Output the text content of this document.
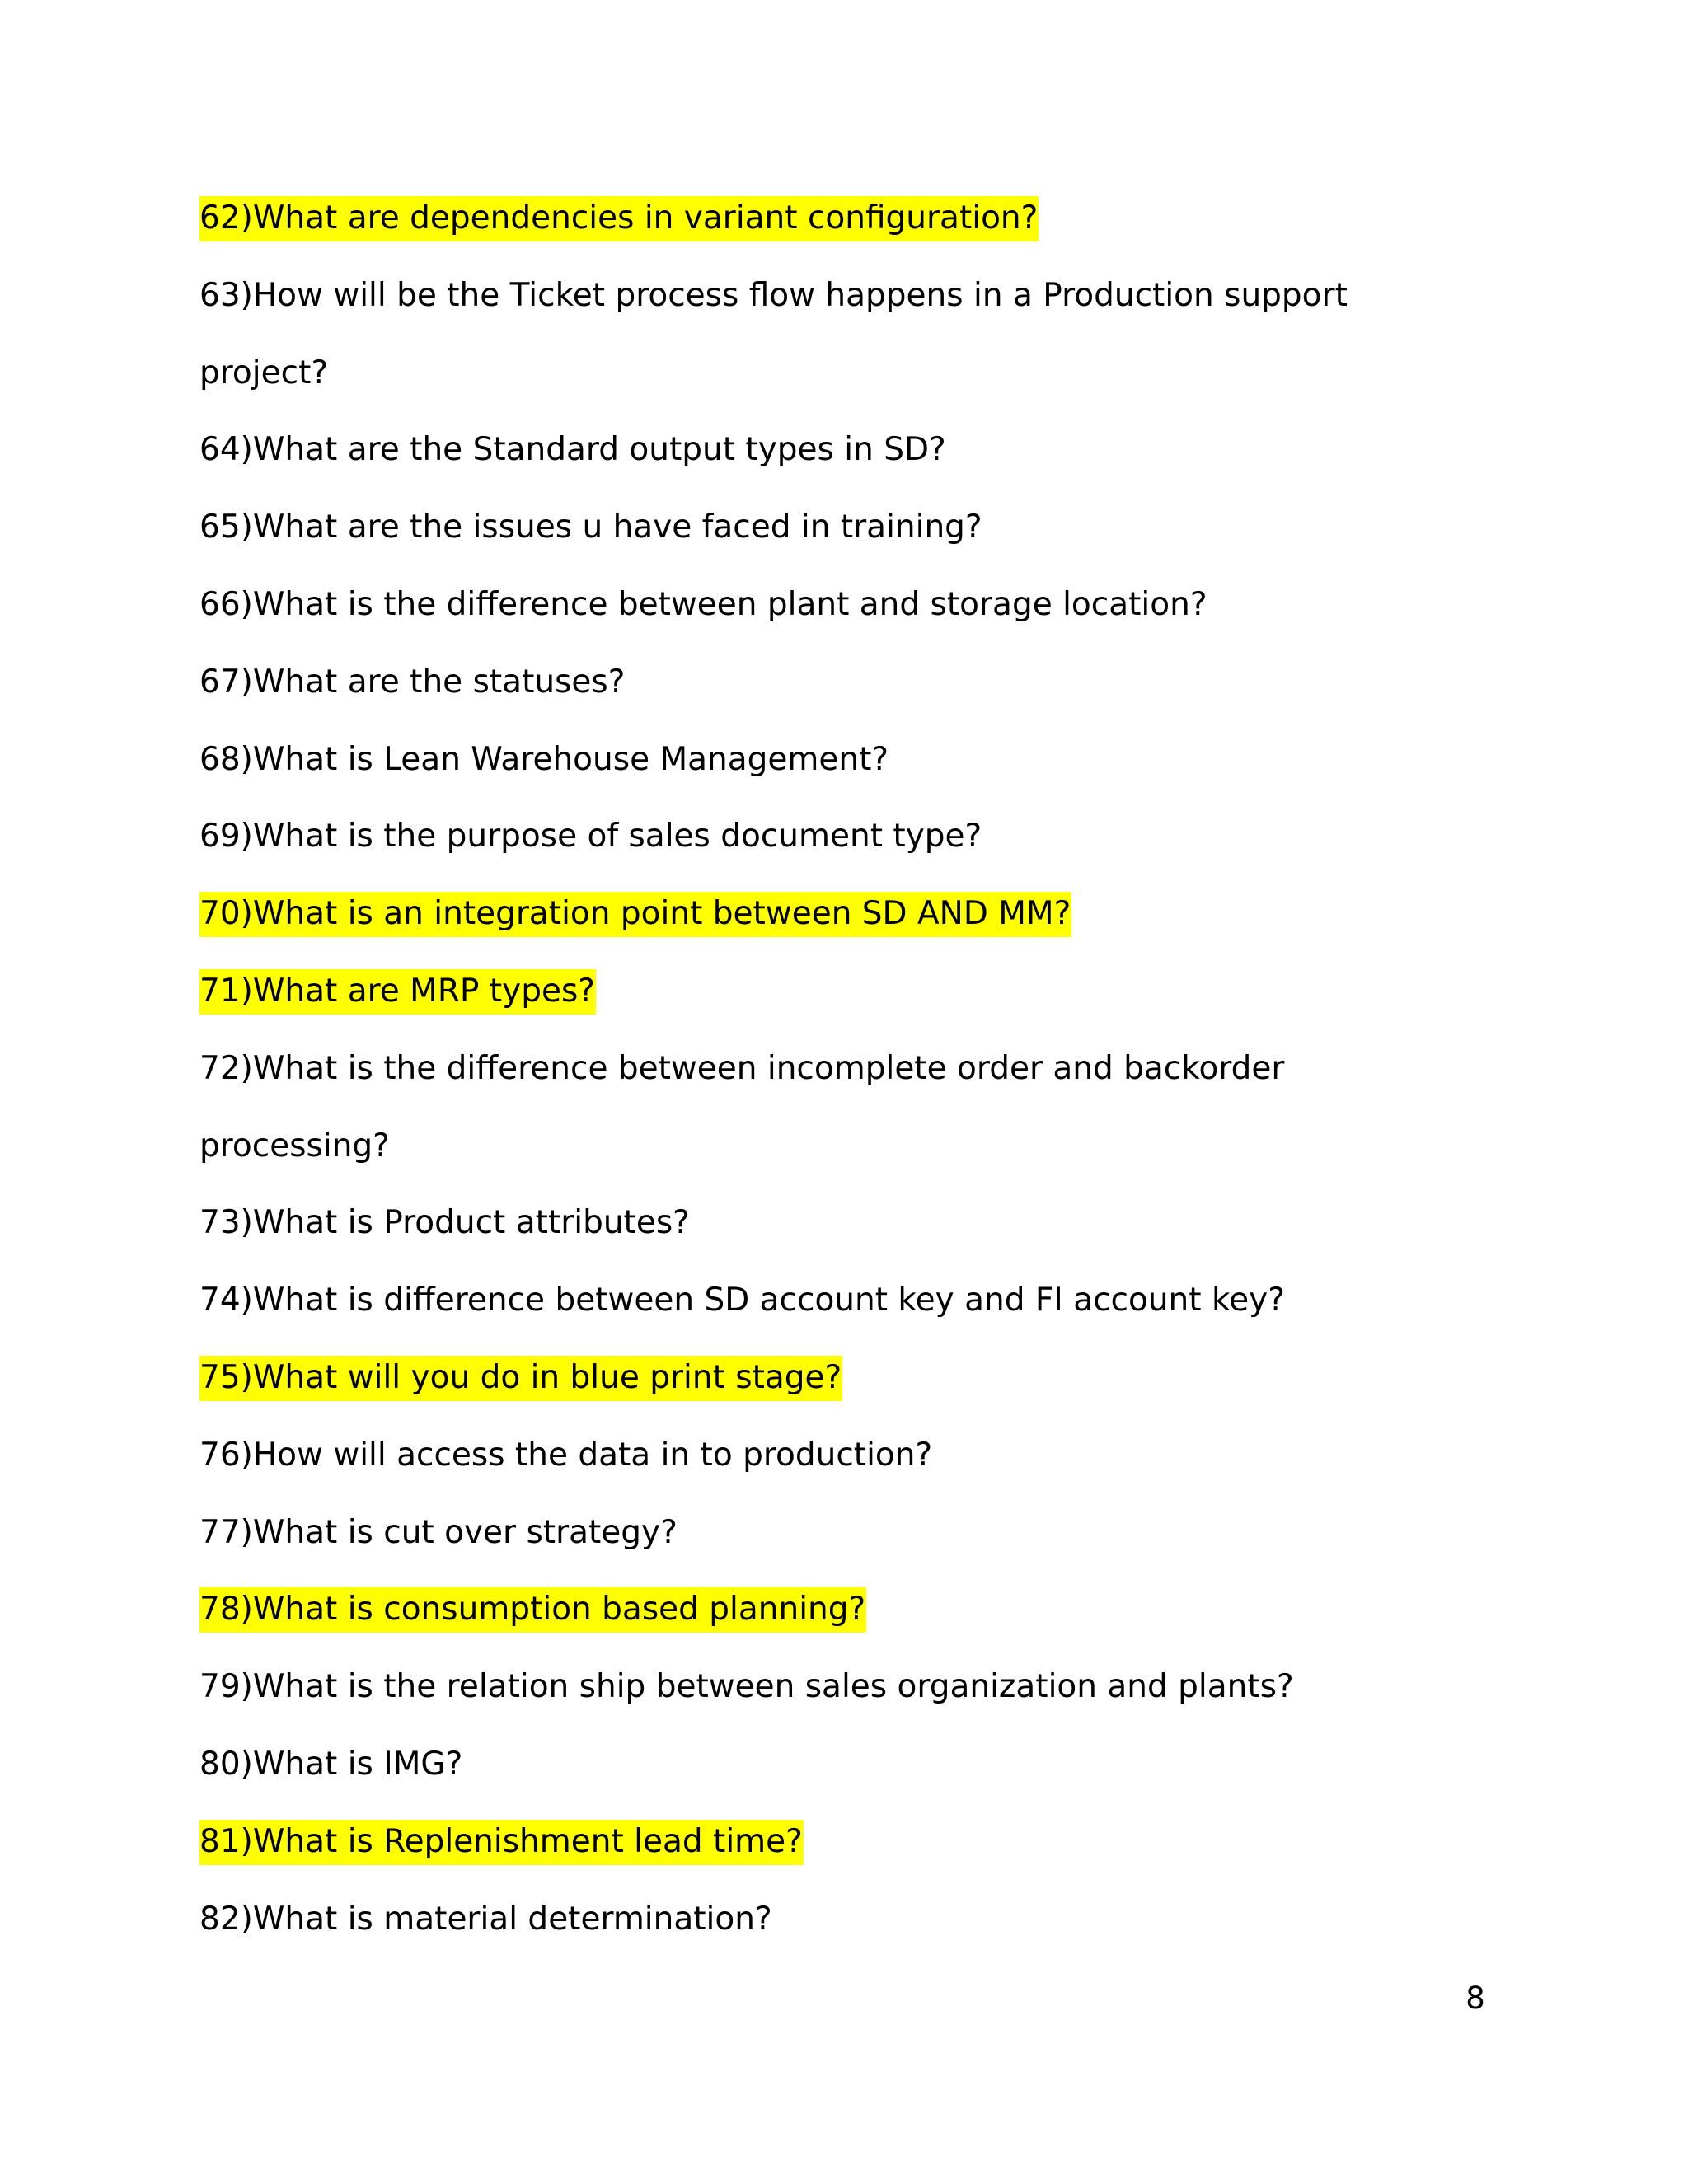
62)What are dependencies in variant configuration?
63)How will be the Ticket process flow happens in a Production support
project?
64)What are the Standard output types in SD?
65)What are the issues u have faced in training?
66)What is the difference between plant and storage location?
67)What are the statuses?
68)What is Lean Warehouse Management?
69)What is the purpose of sales document type?
70)What is an integration point between SD AND MM?
71)What are MRP types?
72)What is the difference between incomplete order and backorder
processing?
73)What is Product attributes?
74)What is difference between SD account key and FI account key?
75)What will you do in blue print stage?
76)How will access the data in to production?
77)What is cut over strategy?
78)What is consumption based planning?
79)What is the relation ship between sales organization and plants?
80)What is IMG?
81)What is Replenishment lead time?
82)What is material determination?
8
